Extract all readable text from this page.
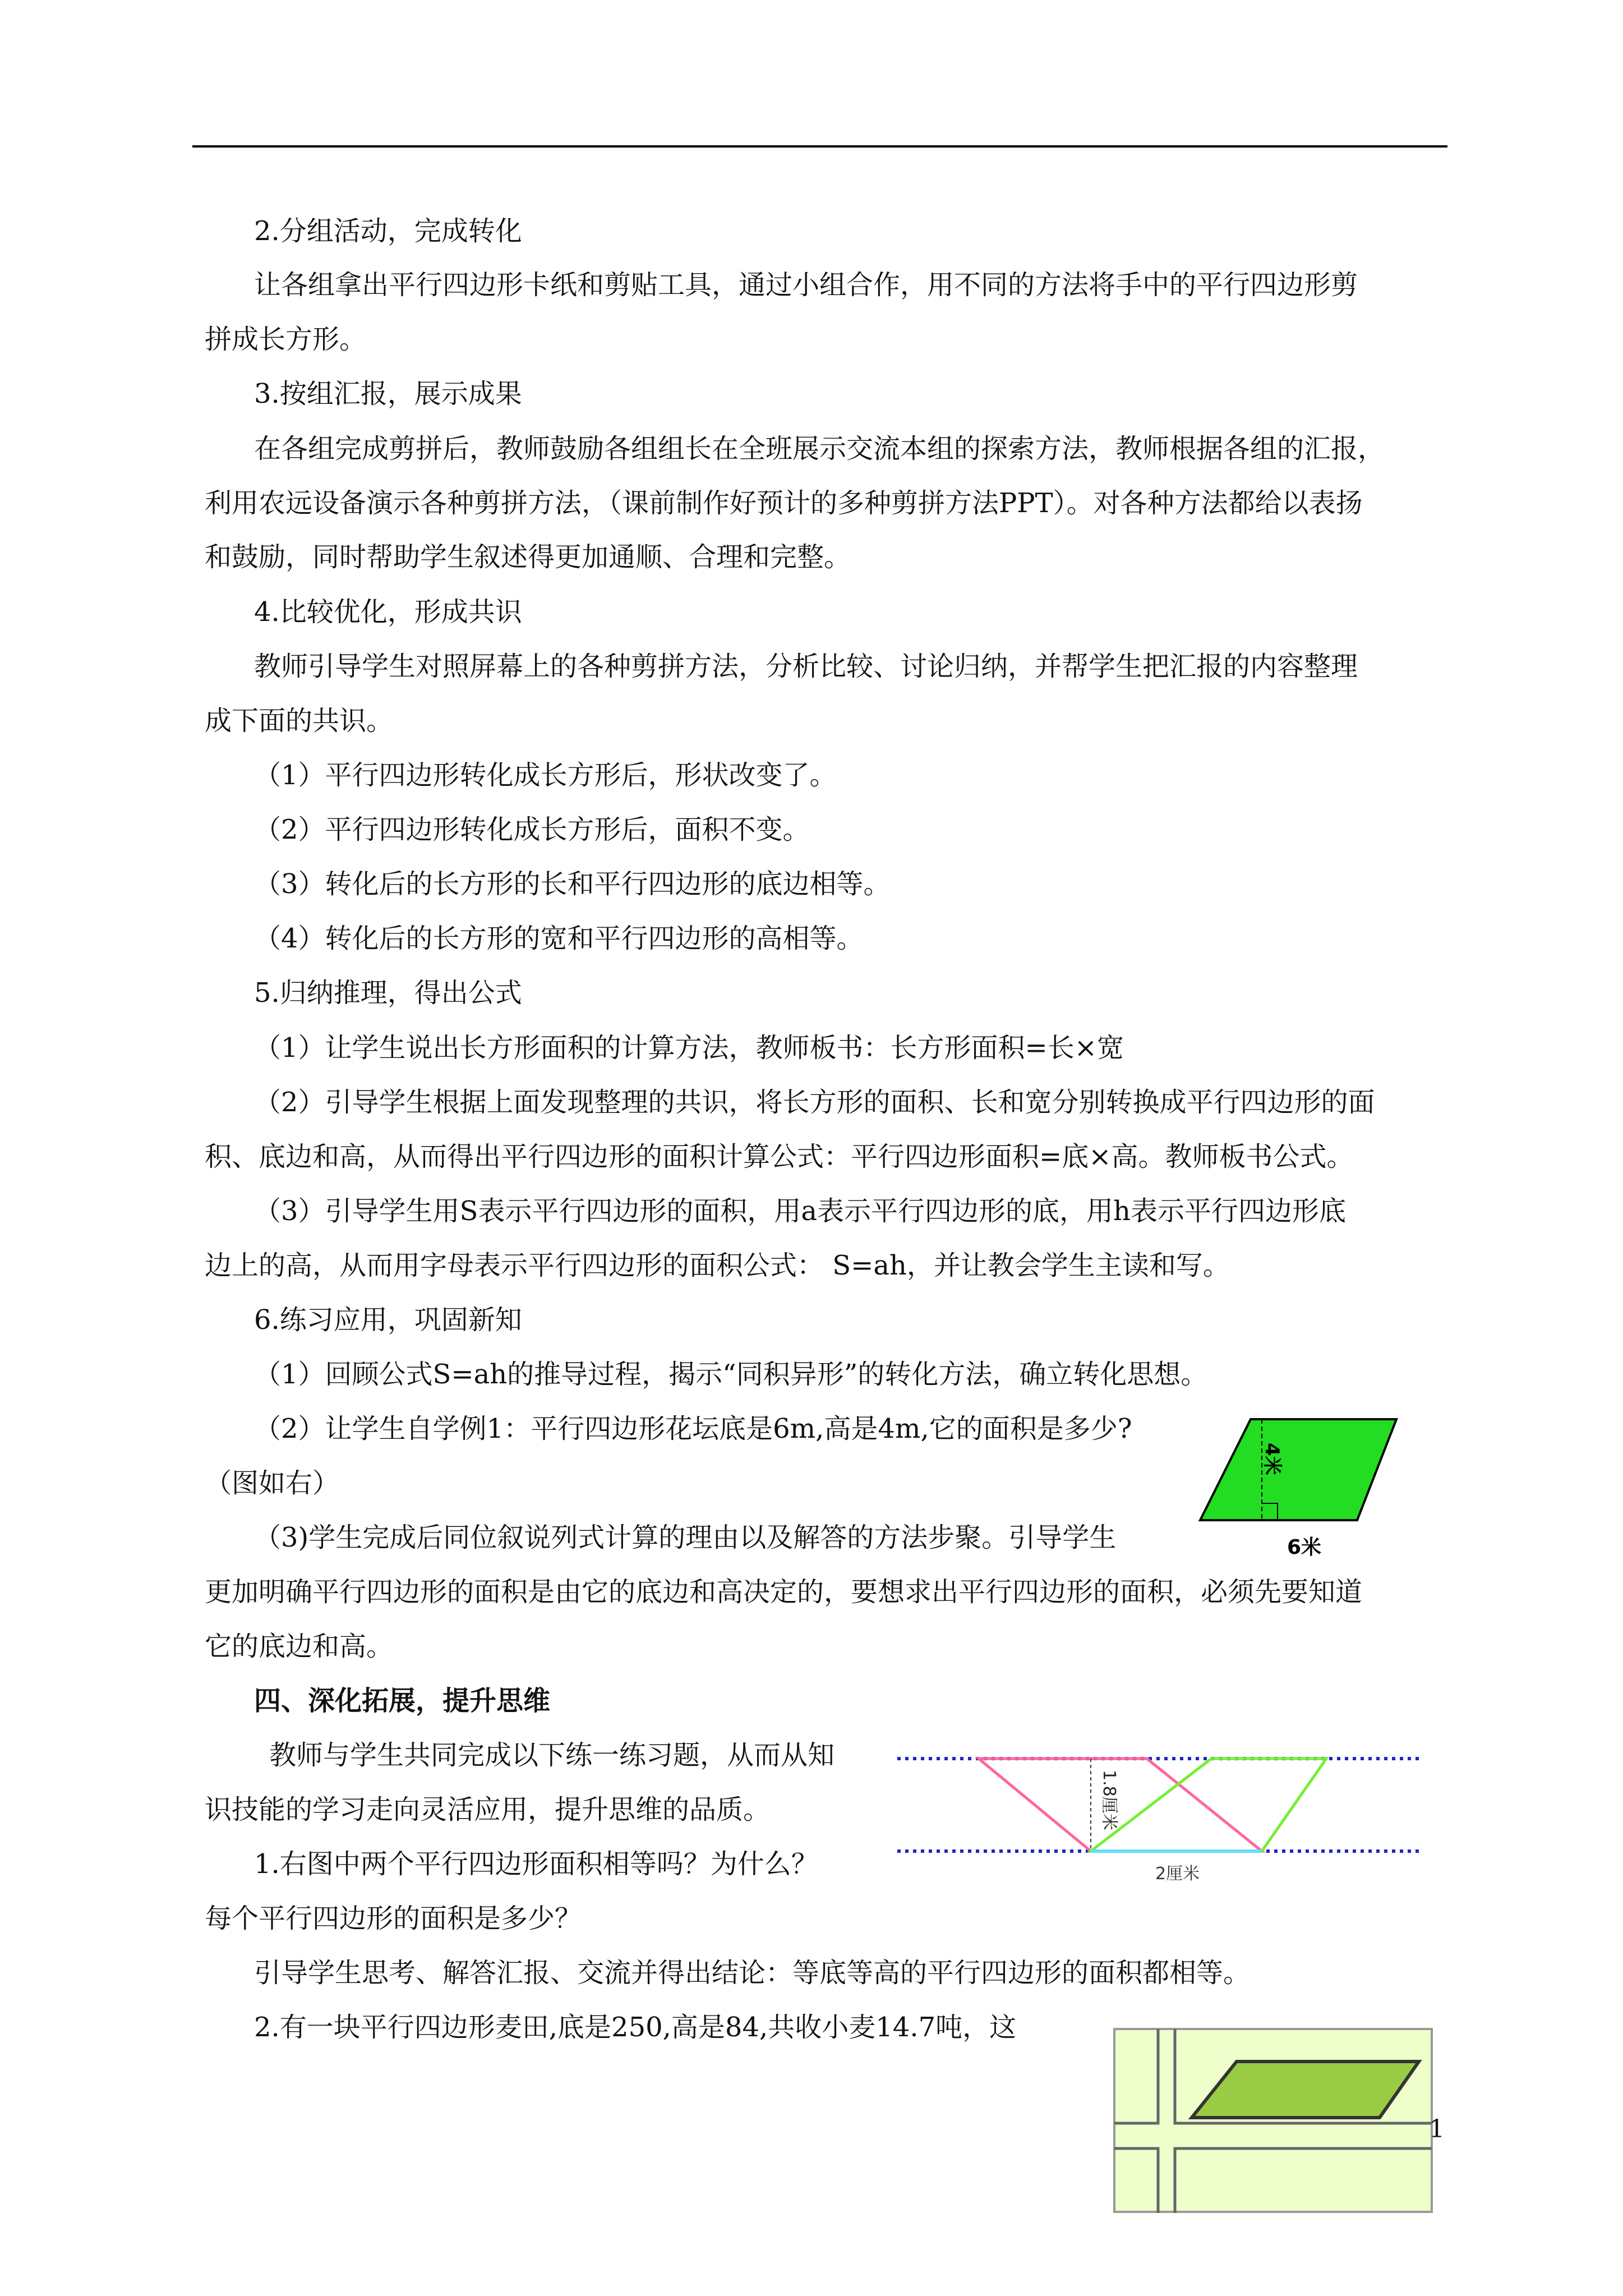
2.分组活动，完成转化
让各组拿出平行四边形卡纸和剪贴工具，通过小组合作，用不同的方法将手中的平行四边形剪
拼成长方形。
3.按组汇报，展示成果
在各组完成剪拼后，教师鼓励各组组长在全班展示交流本组的探索方法，教师根据各组的汇报，
利用农远设备演示各种剪拼方法，（课前制作好预计的多种剪拼方法PPT）。对各种方法都给以表扬
和鼓励，同时帮助学生叙述得更加通顺、合理和完整。
4.比较优化，形成共识
教师引导学生对照屏幕上的各种剪拼方法，分析比较、讨论归纳，并帮学生把汇报的内容整理
成下面的共识。
（1）平行四边形转化成长方形后，形状改变了。
（2）平行四边形转化成长方形后，面积不变。
（3）转化后的长方形的长和平行四边形的底边相等。
（4）转化后的长方形的宽和平行四边形的高相等。
5.归纳推理，得出公式
（1）让学生说出长方形面积的计算方法，教师板书：长方形面积=长×宽
（2）引导学生根据上面发现整理的共识，将长方形的面积、长和宽分别转换成平行四边形的面
积、底边和高，从而得出平行四边形的面积计算公式：平行四边形面积=底×高。教师板书公式。
（3）引导学生用S表示平行四边形的面积，用a表示平行四边形的底，用h表示平行四边形底
边上的高，从而用字母表示平行四边形的面积公式： S=ah，并让教会学生主读和写。
6.练习应用，巩固新知
（1）回顾公式S=ah的推导过程，揭示“同积异形”的转化方法，确立转化思想。
（2）让学生自学例1：平行四边形花坛底是6m,高是4m,它的面积是多少?
（图如右）
（3)学生完成后同位叙说列式计算的理由以及解答的方法步聚。引导学生
更加明确平行四边形的面积是由它的底边和高决定的，要想求出平行四边形的面积，必须先要知道
它的底边和高。
四、深化拓展，提升思维
教师与学生共同完成以下练一练习题，从而从知
识技能的学习走向灵活应用，提升思维的品质。
1.右图中两个平行四边形面积相等吗？为什么？
每个平行四边形的面积是多少？
引导学生思考、解答汇报、交流并得出结论：等底等高的平行四边形的面积都相等。
2.有一块平行四边形麦田,底是250,高是84,共收小麦14.7吨，这
4米
6米
1.8厘米
2厘米
1
